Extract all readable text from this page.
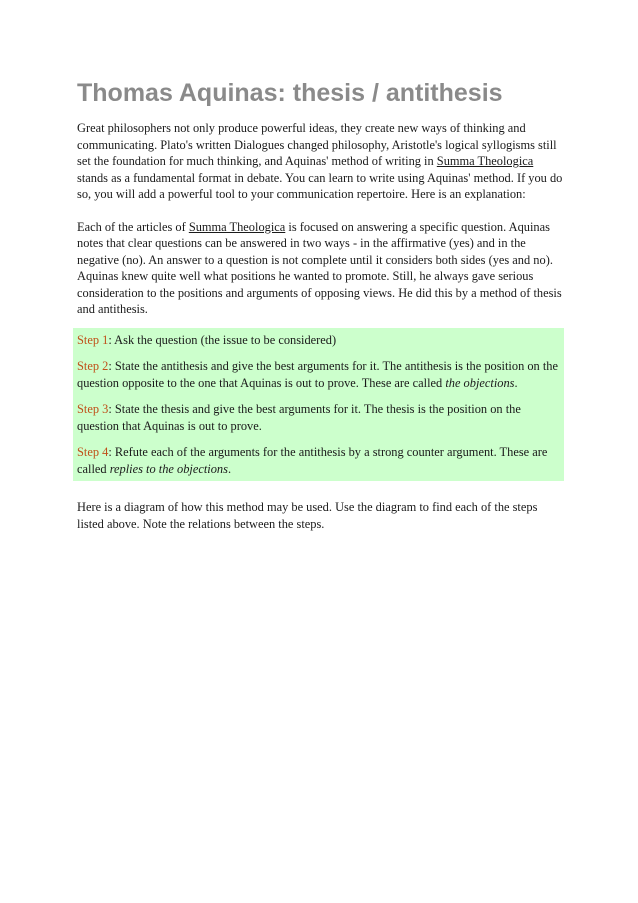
Thomas Aquinas: thesis / antithesis

Great philosophers not only produce powerful ideas, they create new ways of thinking and communicating. Plato's written Dialogues changed philosophy, Aristotle's logical syllogisms still set the foundation for much thinking, and Aquinas' method of writing in Summa Theologica stands as a fundamental format in debate. You can learn to write using Aquinas' method. If you do so, you will add a powerful tool to your communication repertoire. Here is an explanation:

Each of the articles of Summa Theologica is focused on answering a specific question. Aquinas notes that clear questions can be answered in two ways - in the affirmative (yes) and in the negative (no). An answer to a question is not complete until it considers both sides (yes and no). Aquinas knew quite well what positions he wanted to promote. Still, he always gave serious consideration to the positions and arguments of opposing views. He did this by a method of thesis and antithesis.

Step 1: Ask the question (the issue to be considered)

Step 2: State the antithesis and give the best arguments for it. The antithesis is the position on the question opposite to the one that Aquinas is out to prove. These are called the objections.

Step 3: State the thesis and give the best arguments for it. The thesis is the position on the question that Aquinas is out to prove.

Step 4: Refute each of the arguments for the antithesis by a strong counter argument. These are called replies to the objections.

Here is a diagram of how this method may be used. Use the diagram to find each of the steps listed above. Note the relations between the steps.
